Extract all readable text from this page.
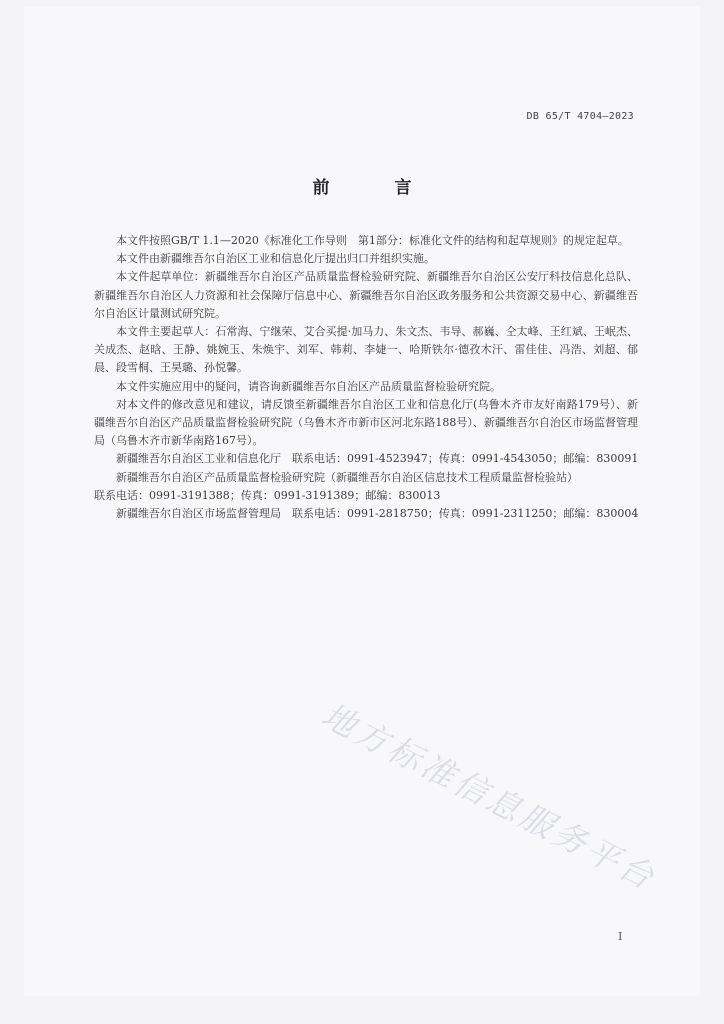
DB 65/T 4704—2023
前　言

本文件按照GB/T 1.1—2020《标准化工作导则　第1部分：标准化文件的结构和起草规则》的规定起草。

本文件由新疆维吾尔自治区工业和信息化厅提出归口并组织实施。

本文件起草单位：新疆维吾尔自治区产品质量监督检验研究院、新疆维吾尔自治区公安厅科技信息化总队、新疆维吾尔自治区人力资源和社会保障厅信息中心、新疆维吾尔自治区政务服务和公共资源交易中心、新疆维吾尔自治区计量测试研究院。

本文件主要起草人：石常海、宁继荣、艾合买提·加马力、朱文杰、韦导、郝巍、仝太峰、王红斌、王岷杰、关成杰、赵晗、王静、姚婉玉、朱焕宇、刘军、韩莉、李婕一、哈斯铁尔·德孜木汗、雷佳佳、冯浩、刘超、郁晨、段雪桐、王昊璐、孙悦馨。

本文件实施应用中的疑问，请咨询新疆维吾尔自治区产品质量监督检验研究院。

对本文件的修改意见和建议，请反馈至新疆维吾尔自治区工业和信息化厅(乌鲁木齐市友好南路179号）、新疆维吾尔自治区产品质量监督检验研究院（乌鲁木齐市新市区河北东路188号）、新疆维吾尔自治区市场监督管理局（乌鲁木齐市新华南路167号）。

新疆维吾尔自治区工业和信息化厅　联系电话：0991-4523947；传真：0991-4543050；邮编：830091

新疆维吾尔自治区产品质量监督检验研究院（新疆维吾尔自治区信息技术工程质量监督检验站）

联系电话：0991-3191388；传真：0991-3191389；邮编：830013

新疆维吾尔自治区市场监督管理局　联系电话：0991-2818750；传真：0991-2311250；邮编：830004

地方标准信息服务平台
I
